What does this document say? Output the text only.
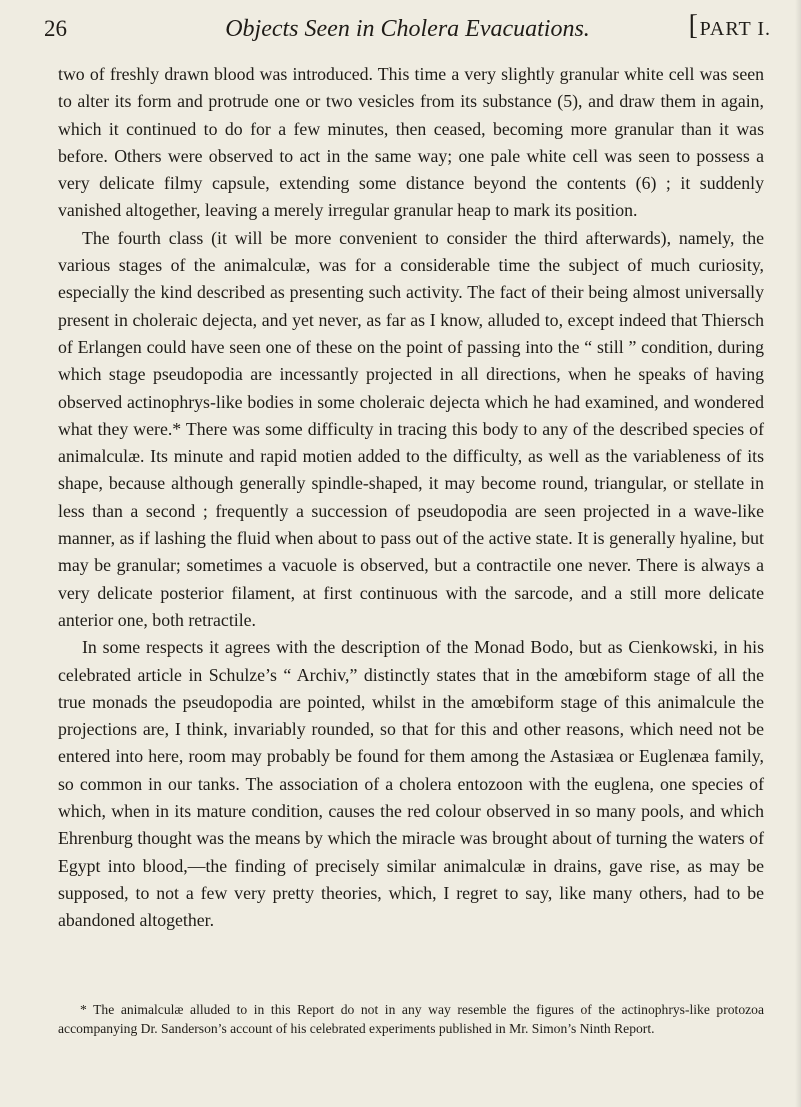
26	Objects Seen in Cholera Evacuations.
[	PART I.

two of freshly drawn blood was introduced. This time a very slightly granular white cell was seen to alter its form and protrude one or two vesicles from its substance (5), and draw them in again, which it continued to do for a few minutes, then ceased, becoming more granular than it was before. Others were observed to act in the same way; one pale white cell was seen to possess a very delicate filmy capsule, extending some distance beyond the contents (6) ; it suddenly vanished altogether, leaving a merely irregular granular heap to mark its position.

The fourth class (it will be more convenient to consider the third afterwards), namely, the various stages of the animalculæ, was for a considerable time the subject of much curiosity, especially the kind described as presenting such activity. The fact of their being almost universally present in choleraic dejecta, and yet never, as far as I know, alluded to, except indeed that Thiersch of Erlangen could have seen one of these on the point of passing into the “ still ” condition, during which stage pseudopodia are incessantly projected in all directions, when he speaks of having observed actinophrys-like bodies in some choleraic dejecta which he had examined, and wondered what they were.* There was some difficulty in tracing this body to any of the described species of animalculæ. Its minute and rapid motien added to the difficulty, as well as the variableness of its shape, because although generally spindle-shaped, it may become round, triangular, or stellate in less than a second ; frequently a succession of pseudopodia are seen projected in a wave-like manner, as if lashing the fluid when about to pass out of the active state. It is generally hyaline, but may be granular; sometimes a vacuole is observed, but a contractile one never. There is always a very delicate posterior filament, at first continuous with the sarcode, and a still more delicate anterior one, both retractile.

In some respects it agrees with the description of the Monad Bodo, but as Cienkowski, in his celebrated article in Schulze’s “ Archiv,” distinctly states that in the amœbiform stage of all the true monads the pseudopodia are pointed, whilst in the amœbiform stage of this animalcule the projections are, I think, invariably rounded, so that for this and other reasons, which need not be entered into here, room may probably be found for them among the Astasiæa or Euglenæa family, so common in our tanks. The association of a cholera entozoon with the euglena, one species of which, when in its mature condition, causes the red colour observed in so many pools, and which Ehrenburg thought was the means by which the miracle was brought about of turning the waters of Egypt into blood,—the finding of precisely similar animalculæ in drains, gave rise, as may be supposed, to not a few very pretty theories, which, I regret to say, like many others, had to be abandoned altogether.

* The animalculæ alluded to in this Report do not in any way resemble the figures of the actinophrys-like protozoa accompanying Dr. Sanderson’s account of his celebrated experiments published in Mr. Simon’s Ninth Report.
